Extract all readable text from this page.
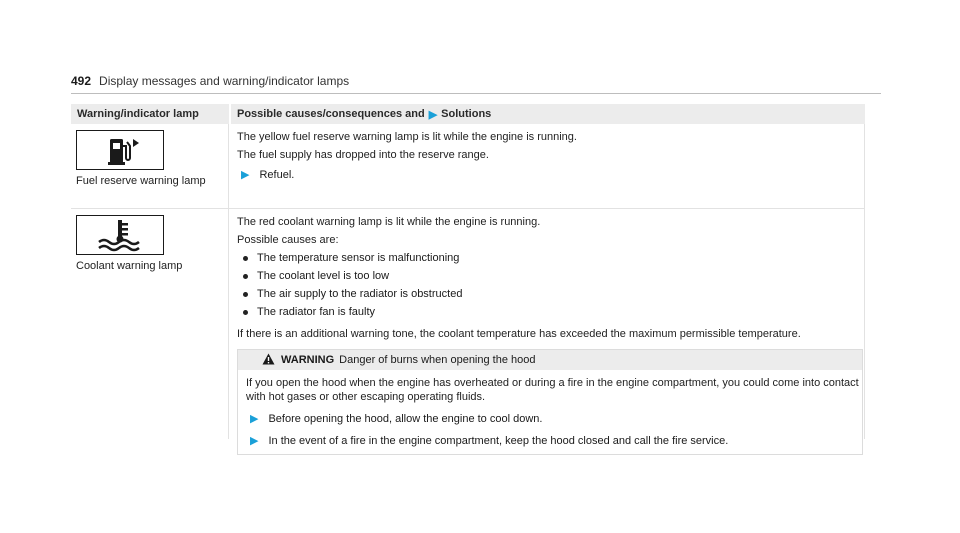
492 Display messages and warning/indicator lamps
Warning/indicator lamp	Possible causes/consequences and ▶ Solutions
Fuel reserve warning lamp

The yellow fuel reserve warning lamp is lit while the engine is running.

The fuel supply has dropped into the reserve range.

▶ Refuel.
Coolant warning lamp

The red coolant warning lamp is lit while the engine is running.

Possible causes are:

The temperature sensor is malfunctioning
The coolant level is too low
The air supply to the radiator is obstructed
The radiator fan is faulty

If there is an additional warning tone, the coolant temperature has exceeded the maximum permissible temperature.

WARNING Danger of burns when opening the hood

If you open the hood when the engine has overheated or during a fire in the engine compartment, you could come into contact with hot gases or other escaping operating fluids.

▶ Before opening the hood, allow the engine to cool down.
▶ In the event of a fire in the engine compartment, keep the hood closed and call the fire service.
